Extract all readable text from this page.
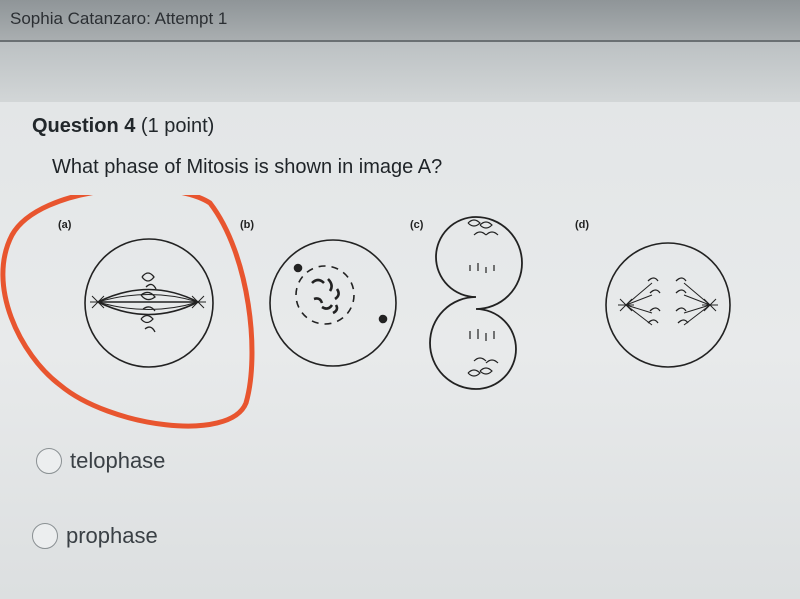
Sophia Catanzaro: Attempt 1
Question 4 (1 point)
What phase of Mitosis is shown in image A?
(a)	(b)	(c)	(d)
telophase
prophase
